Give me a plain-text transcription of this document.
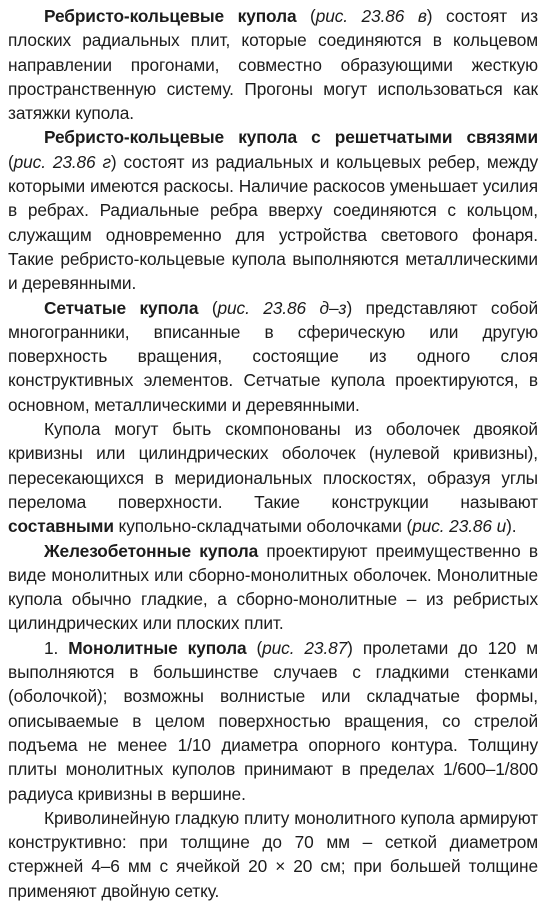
Ребристо-кольцевые купола (рис. 23.86 в) состоят из плоских радиальных плит, которые соединяются в кольцевом направлении прогонами, совместно образующими жесткую пространственную систему. Прогоны могут использоваться как затяжки купола.

Ребристо-кольцевые купола с решетчатыми связями (рис. 23.86 г) состоят из радиальных и кольцевых ребер, между которыми имеются раскосы. Наличие раскосов уменьшает усилия в ребрах. Радиальные ребра вверху соединяются с кольцом, служащим одновременно для устройства светового фонаря. Такие ребристо-кольцевые купола выполняются металлическими и деревянными.

Сетчатые купола (рис. 23.86 д–з) представляют собой многогранники, вписанные в сферическую или другую поверхность вращения, состоящие из одного слоя конструктивных элементов. Сетчатые купола проектируются, в основном, металлическими и деревянными.

Купола могут быть скомпонованы из оболочек двоякой кривизны или цилиндрических оболочек (нулевой кривизны), пересекающихся в меридиональных плоскостях, образуя углы перелома поверхности. Такие конструкции называют составными купольно-складчатыми оболочками (рис. 23.86 и).

Железобетонные купола проектируют преимущественно в виде монолитных или сборно-монолитных оболочек. Монолитные купола обычно гладкие, а сборно-монолитные – из ребристых цилиндрических или плоских плит.

1. Монолитные купола (рис. 23.87) пролетами до 120 м выполняются в большинстве случаев с гладкими стенками (оболочкой); возможны волнистые или складчатые формы, описываемые в целом поверхностью вращения, со стрелой подъема не менее 1/10 диаметра опорного контура. Толщину плиты монолитных куполов принимают в пределах 1/600–1/800 радиуса кривизны в вершине.

Криволинейную гладкую плиту монолитного купола армируют конструктивно: при толщине до 70 мм – сеткой диаметром стержней 4–6 мм с ячейкой 20 × 20 см; при большей толщине применяют двойную сетку.
